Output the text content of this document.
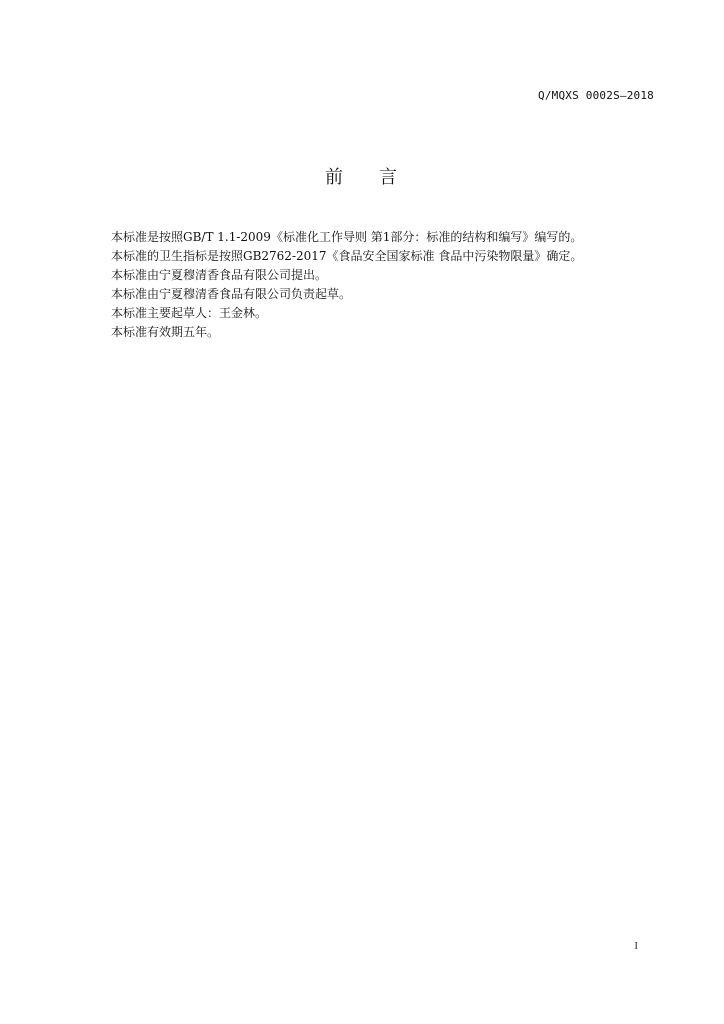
Q/MQXS 0002S—2018
前 言

本标准是按照GB/T 1.1-2009《标准化工作导则 第1部分：标准的结构和编写》编写的。

本标准的卫生指标是按照GB2762-2017《食品安全国家标准 食品中污染物限量》确定。

本标准由宁夏穆清香食品有限公司提出。

本标准由宁夏穆清香食品有限公司负责起草。

本标准主要起草人：王金林。

本标准有效期五年。

I
